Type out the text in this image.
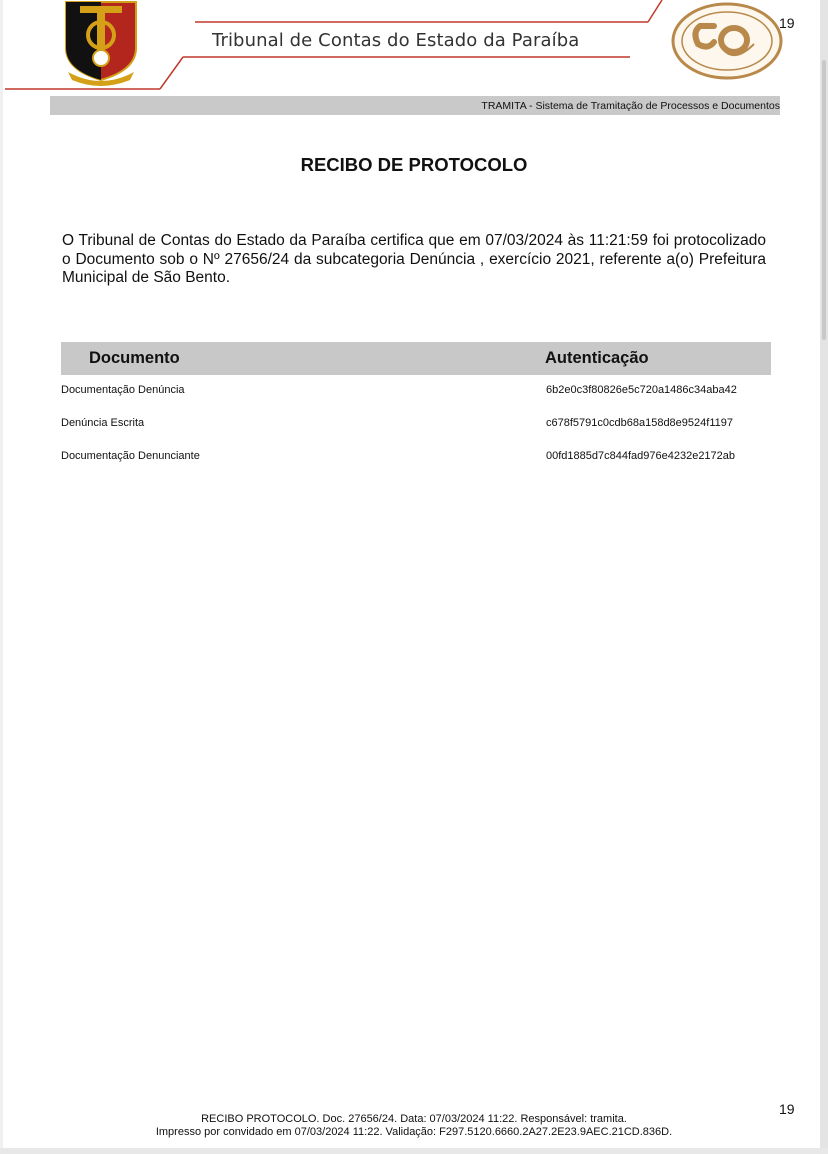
Tribunal de Contas do Estado da Paraíba
19
TRAMITA - Sistema de Tramitação de Processos e Documentos
RECIBO DE PROTOCOLO
O Tribunal de Contas do Estado da Paraíba certifica que em 07/03/2024 às 11:21:59 foi protocolizado o Documento sob o Nº 27656/24 da subcategoria Denúncia , exercício 2021, referente a(o) Prefeitura Municipal de São Bento.
Documento	Autenticação
Documentação Denúncia	6b2e0c3f80826e5c720a1486c34aba42
Denúncia Escrita	c678f5791c0cdb68a158d8e9524f1197
Documentação Denunciante	00fd1885d7c844fad976e4232e2172ab
19
RECIBO PROTOCOLO. Doc. 27656/24. Data: 07/03/2024 11:22. Responsável: tramita.
Impresso por convidado em 07/03/2024 11:22. Validação: F297.5120.6660.2A27.2E23.9AEC.21CD.836D.
